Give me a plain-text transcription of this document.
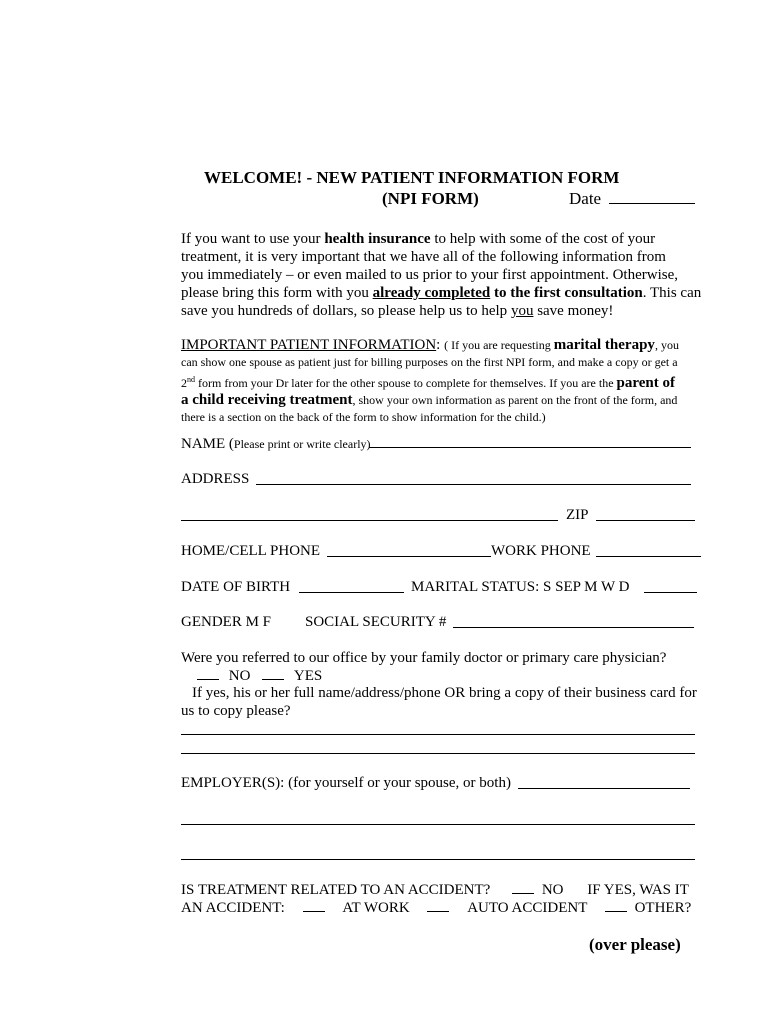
WELCOME! - NEW PATIENT INFORMATION FORM
(NPI FORM)	Date
If you want to use your health insurance to help with some of the cost of your
treatment, it is very important that we have all of the following information from
you immediately – or even mailed to us prior to your first appointment. Otherwise,
please bring this form with you already completed to the first consultation. This can
save you hundreds of dollars, so please help us to help you save money!
IMPORTANT PATIENT INFORMATION: ( If you are requesting marital therapy, you
can show one spouse as patient just for billing purposes on the first NPI form, and make a copy or get a
2nd form from your Dr later for the other spouse to complete for themselves. If you are the parent of
a child receiving treatment, show your own information as parent on the front of the form, and
there is a section on the back of the form to show information for the child.)
NAME (Please print or write clearly)
ADDRESS
ZIP
HOME/CELL PHONE	WORK PHONE
DATE OF BIRTH	MARITAL STATUS: S SEP M W D
GENDER M F SOCIAL SECURITY #
Were you referred to our office by your family doctor or primary care physician?
NO	YES
If yes, his or her full name/address/phone OR bring a copy of their business card for
us to copy please?
EMPLOYER(S): (for yourself or your spouse, or both)
IS TREATMENT RELATED TO AN ACCIDENT?	NO IF YES, WAS IT
AN ACCIDENT:	AT WORK	AUTO ACCIDENT	OTHER?
(over please)
